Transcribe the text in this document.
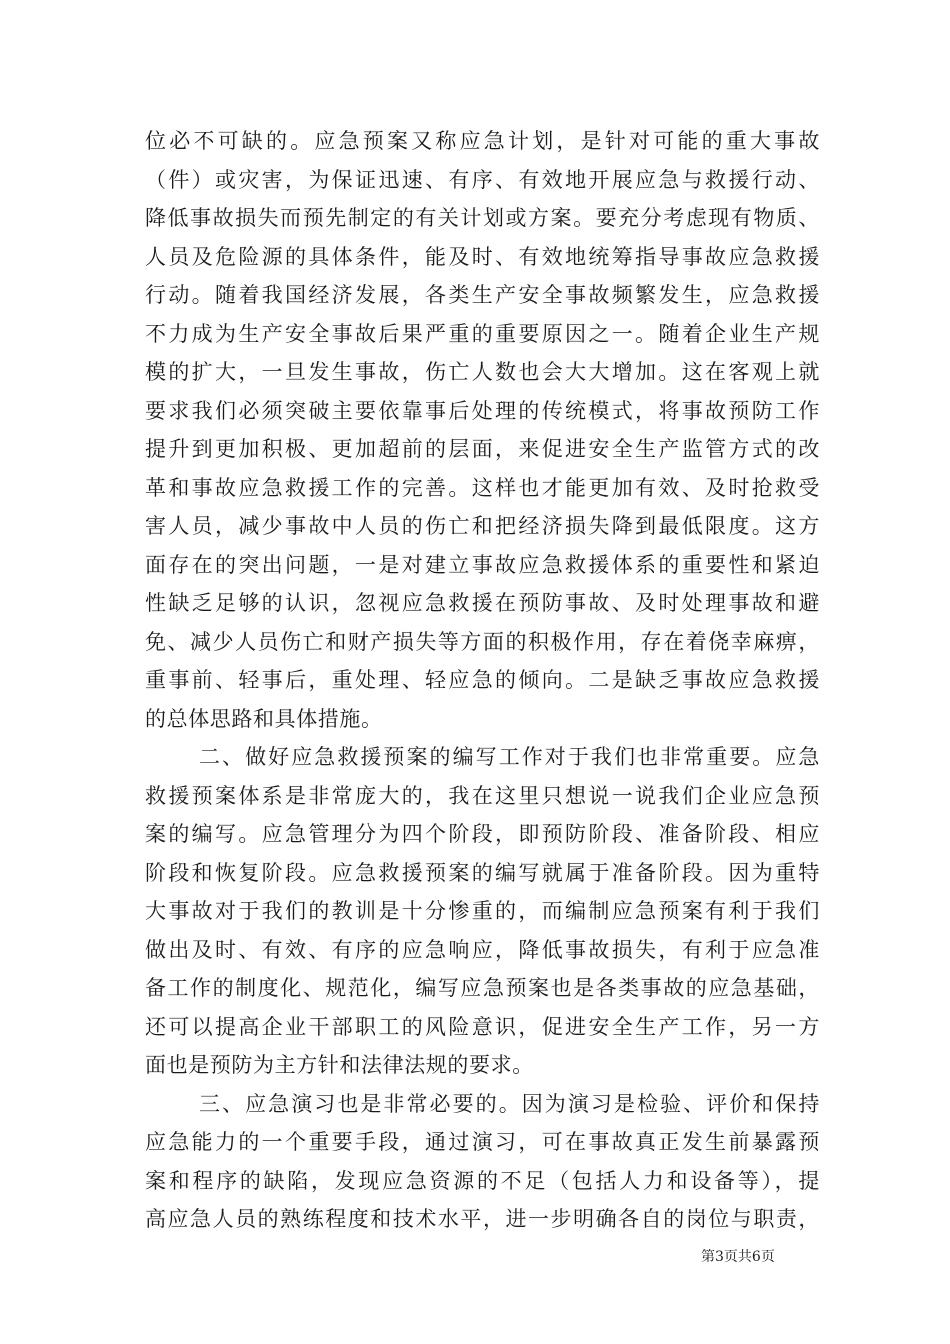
位必不可缺的。应急预案又称应急计划，是针对可能的重大事故
（件）或灾害，为保证迅速、有序、有效地开展应急与救援行动、
降低事故损失而预先制定的有关计划或方案。要充分考虑现有物质、
人员及危险源的具体条件，能及时、有效地统筹指导事故应急救援
行动。随着我国经济发展，各类生产安全事故频繁发生，应急救援
不力成为生产安全事故后果严重的重要原因之一。随着企业生产规
模的扩大，一旦发生事故，伤亡人数也会大大增加。这在客观上就
要求我们必须突破主要依靠事后处理的传统模式，将事故预防工作
提升到更加积极、更加超前的层面，来促进安全生产监管方式的改
革和事故应急救援工作的完善。这样也才能更加有效、及时抢救受
害人员，减少事故中人员的伤亡和把经济损失降到最低限度。这方
面存在的突出问题，一是对建立事故应急救援体系的重要性和紧迫
性缺乏足够的认识，忽视应急救援在预防事故、及时处理事故和避
免、减少人员伤亡和财产损失等方面的积极作用，存在着侥幸麻痹，
重事前、轻事后，重处理、轻应急的倾向。二是缺乏事故应急救援
的总体思路和具体措施。
二、做好应急救援预案的编写工作对于我们也非常重要。应急
救援预案体系是非常庞大的，我在这里只想说一说我们企业应急预
案的编写。应急管理分为四个阶段，即预防阶段、准备阶段、相应
阶段和恢复阶段。应急救援预案的编写就属于准备阶段。因为重特
大事故对于我们的教训是十分惨重的，而编制应急预案有利于我们
做出及时、有效、有序的应急响应，降低事故损失，有利于应急准
备工作的制度化、规范化，编写应急预案也是各类事故的应急基础，
还可以提高企业干部职工的风险意识，促进安全生产工作，另一方
面也是预防为主方针和法律法规的要求。
三、应急演习也是非常必要的。因为演习是检验、评价和保持
应急能力的一个重要手段，通过演习，可在事故真正发生前暴露预
案和程序的缺陷，发现应急资源的不足（包括人力和设备等），提
高应急人员的熟练程度和技术水平，进一步明确各自的岗位与职责，
第3页共6页
